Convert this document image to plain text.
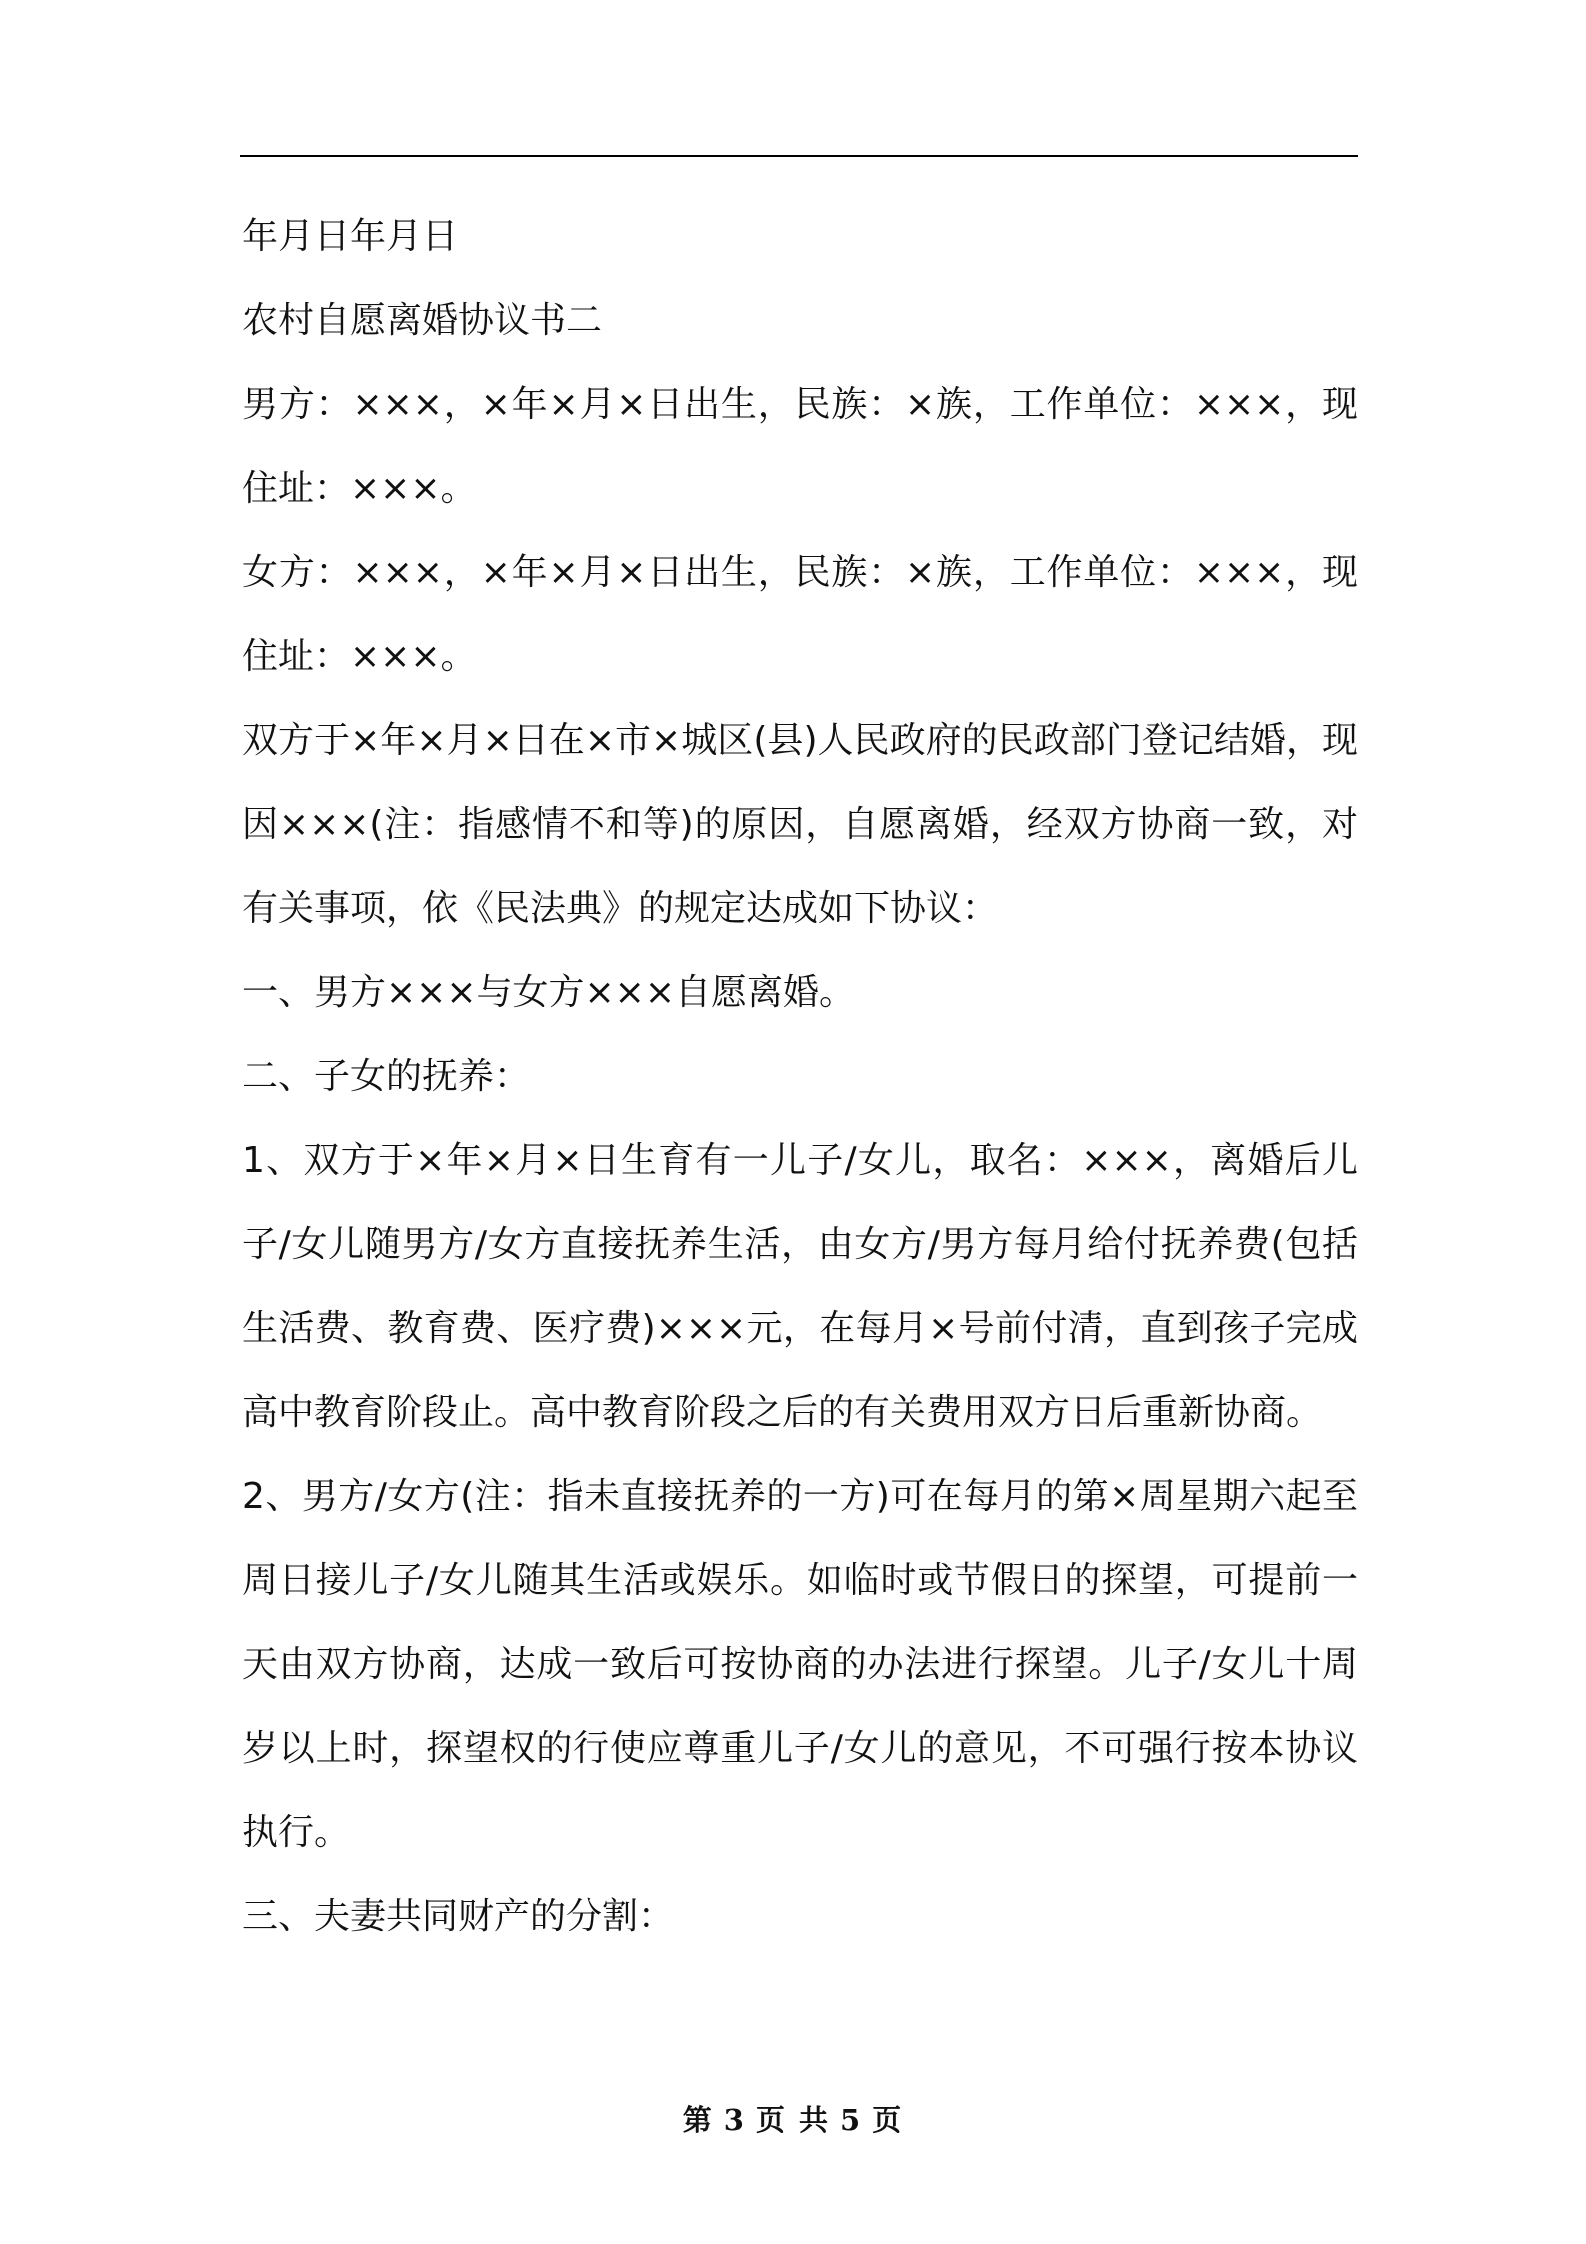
年月日年月日

农村自愿离婚协议书二

男方：×××，×年×月×日出生，民族：×族，工作单位：×××，现住址：×××。

女方：×××，×年×月×日出生，民族：×族，工作单位：×××，现住址：×××。

双方于×年×月×日在×市×城区(县)人民政府的民政部门登记结婚，现因×××(注：指感情不和等)的原因，自愿离婚，经双方协商一致，对有关事项，依《民法典》的规定达成如下协议：

一、男方×××与女方×××自愿离婚。

二、子女的抚养：

1、双方于×年×月×日生育有一儿子/女儿，取名：×××，离婚后儿子/女儿随男方/女方直接抚养生活，由女方/男方每月给付抚养费(包括生活费、教育费、医疗费)×××元，在每月×号前付清，直到孩子完成高中教育阶段止。高中教育阶段之后的有关费用双方日后重新协商。

2、男方/女方(注：指未直接抚养的一方)可在每月的第×周星期六起至周日接儿子/女儿随其生活或娱乐。如临时或节假日的探望，可提前一天由双方协商，达成一致后可按协商的办法进行探望。儿子/女儿十周岁以上时，探望权的行使应尊重儿子/女儿的意见，不可强行按本协议执行。

三、夫妻共同财产的分割：

第 3 页 共 5 页
